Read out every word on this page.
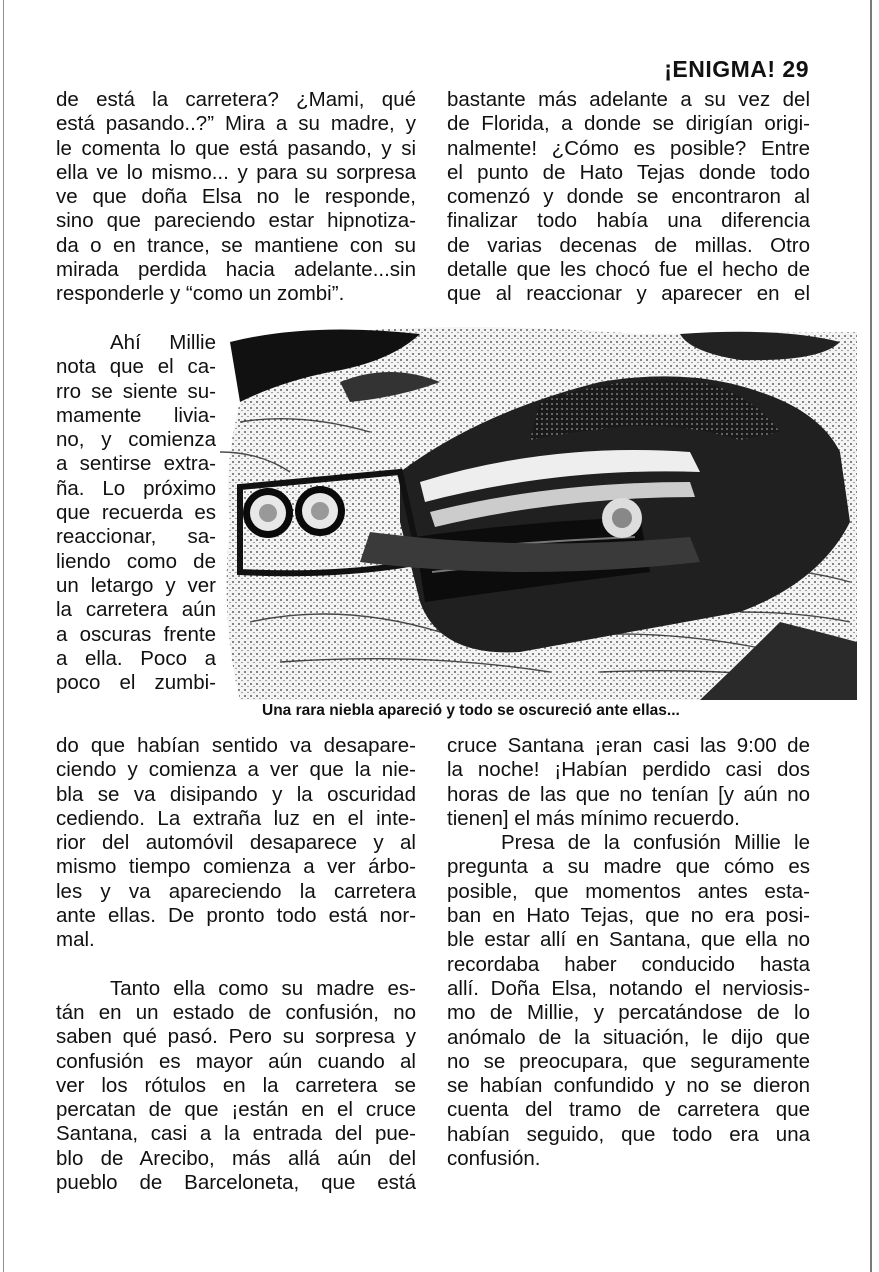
¡ENIGMA! 29
de está la carretera? ¿Mami, qué
está pasando..?” Mira a su madre, y
le comenta lo que está pasando, y si
ella ve lo mismo... y para su sorpresa
ve que doña Elsa no le responde,
sino que pareciendo estar hipnotiza-
da o en trance, se mantiene con su
mirada perdida hacia adelante...sin
responderle y “como un zombi”.
Ahí Millie
nota que el ca-
rro se siente su-
mamente livia-
no, y comienza
a sentirse extra-
ña. Lo próximo
que recuerda es
reaccionar, sa-
liendo como de
un letargo y ver
la carretera aún
a oscuras frente
a ella. Poco a
poco el zumbi-
do que habían sentido va desapare-
ciendo y comienza a ver que la nie-
bla se va disipando y la oscuridad
cediendo. La extraña luz en el inte-
rior del automóvil desaparece y al
mismo tiempo comienza a ver árbo-
les y va apareciendo la carretera
ante ellas. De pronto todo está nor-
mal.
Tanto ella como su madre es-
tán en un estado de confusión, no
saben qué pasó. Pero su sorpresa y
confusión es mayor aún cuando al
ver los rótulos en la carretera se
percatan de que ¡están en el cruce
Santana, casi a la entrada del pue-
blo de Arecibo, más allá aún del
pueblo de Barceloneta, que está
bastante más adelante a su vez del
de Florida, a donde se dirigían origi-
nalmente! ¿Cómo es posible? Entre
el punto de Hato Tejas donde todo
comenzó y donde se encontraron al
finalizar todo había una diferencia
de varias decenas de millas. Otro
detalle que les chocó fue el hecho de
que al reaccionar y aparecer en el
Una rara niebla apareció y todo se oscureció ante ellas...
cruce Santana ¡eran casi las 9:00 de
la noche! ¡Habían perdido casi dos
horas de las que no tenían [y aún no
tienen] el más mínimo recuerdo.
Presa de la confusión Millie le
pregunta a su madre que cómo es
posible, que momentos antes esta-
ban en Hato Tejas, que no era posi-
ble estar allí en Santana, que ella no
recordaba haber conducido hasta
allí. Doña Elsa, notando el nerviosis-
mo de Millie, y percatándose de lo
anómalo de la situación, le dijo que
no se preocupara, que seguramente
se habían confundido y no se dieron
cuenta del tramo de carretera que
habían seguido, que todo era una
confusión.
